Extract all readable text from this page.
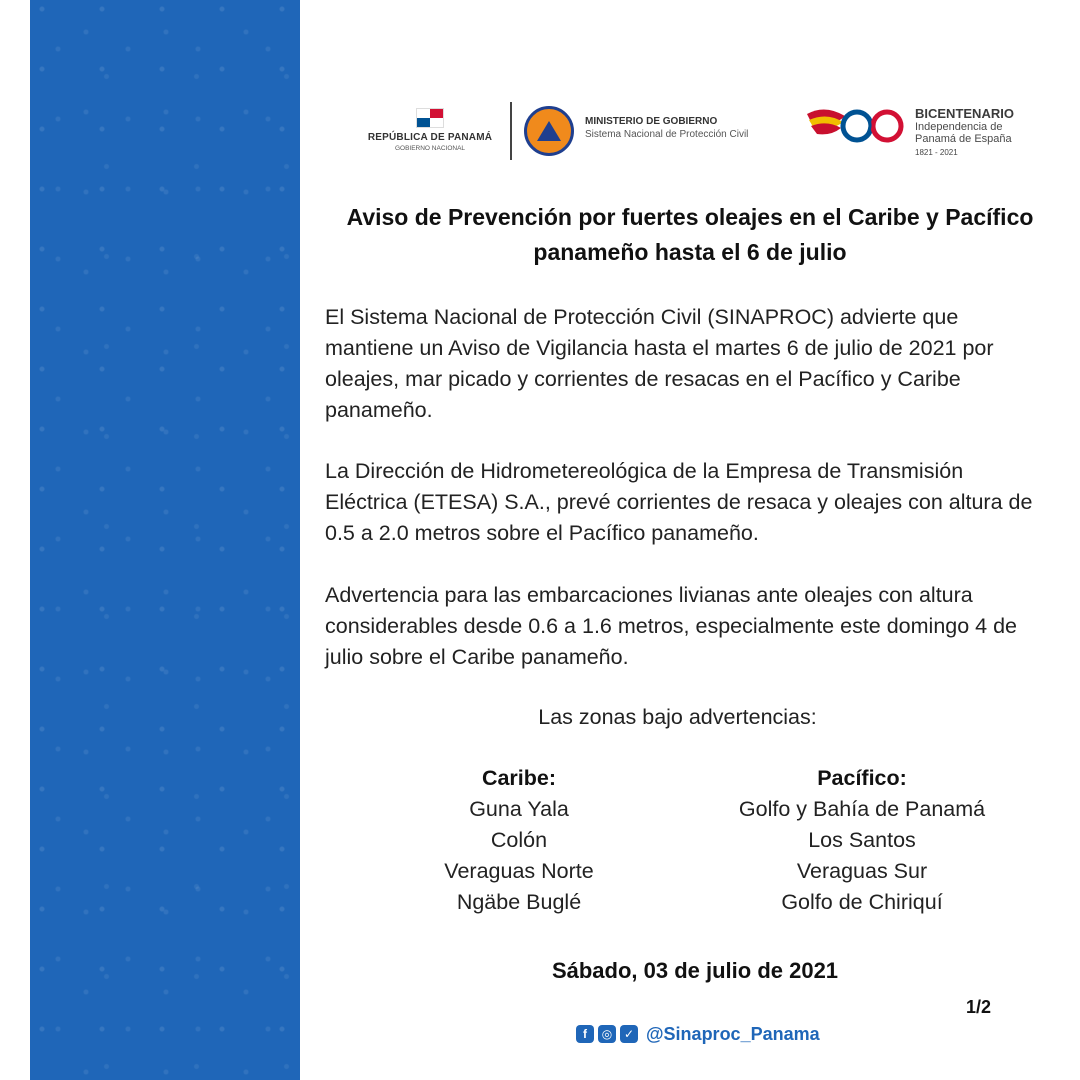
REPÚBLICA DE PANAMÁ
GOBIERNO NACIONAL
MINISTERIO DE GOBIERNO
Sistema Nacional de Protección Civil
BICENTENARIO
Independencia de
Panamá de España
1821 - 2021
Aviso de Prevención por fuertes oleajes en el Caribe y Pacífico panameño hasta el 6 de julio
El Sistema Nacional de Protección Civil (SINAPROC) advierte que mantiene un Aviso de Vigilancia hasta el martes 6 de julio de 2021 por oleajes, mar picado y corrientes de resacas en el Pacífico y Caribe panameño.
La Dirección de Hidrometereológica de la Empresa de Transmisión Eléctrica (ETESA) S.A., prevé corrientes de resaca y oleajes con altura de 0.5 a 2.0 metros sobre el Pacífico panameño.
Advertencia para las embarcaciones livianas ante oleajes con altura considerables desde 0.6 a 1.6 metros, especialmente este domingo 4 de julio sobre el Caribe panameño.
Las zonas bajo advertencias:
Caribe:
Guna Yala
Colón
Veraguas Norte
Ngäbe Buglé
Pacífico:
Golfo y Bahía de Panamá
Los Santos
Veraguas Sur
Golfo de Chiriquí
Sábado, 03 de julio de 2021
1/2
f	◎ ✓ @Sinaproc_Panama
